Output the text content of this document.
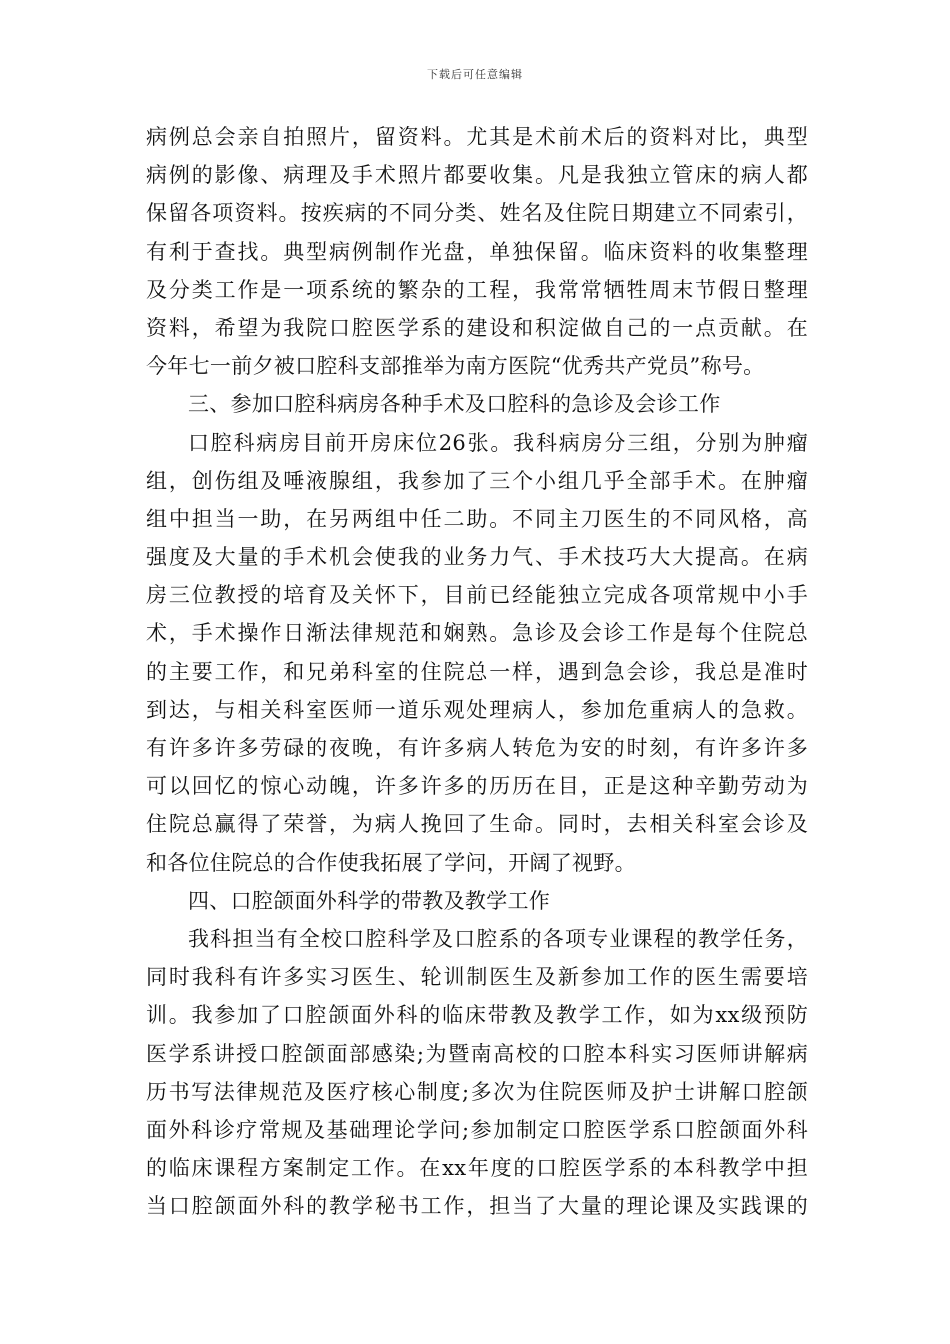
下载后可任意编辑
病例总会亲自拍照片，留资料。尤其是术前术后的资料对比，典型
病例的影像、病理及手术照片都要收集。凡是我独立管床的病人都
保留各项资料。按疾病的不同分类、姓名及住院日期建立不同索引，
有利于查找。典型病例制作光盘，单独保留。临床资料的收集整理
及分类工作是一项系统的繁杂的工程，我常常牺牲周末节假日整理
资料，希望为我院口腔医学系的建设和积淀做自己的一点贡献。在
今年七一前夕被口腔科支部推举为南方医院“优秀共产党员”称号。
三、参加口腔科病房各种手术及口腔科的急诊及会诊工作
口腔科病房目前开房床位26张。我科病房分三组，分别为肿瘤
组，创伤组及唾液腺组，我参加了三个小组几乎全部手术。在肿瘤
组中担当一助，在另两组中任二助。不同主刀医生的不同风格，高
强度及大量的手术机会使我的业务力气、手术技巧大大提高。在病
房三位教授的培育及关怀下，目前已经能独立完成各项常规中小手
术，手术操作日渐法律规范和娴熟。急诊及会诊工作是每个住院总
的主要工作，和兄弟科室的住院总一样，遇到急会诊，我总是准时
到达，与相关科室医师一道乐观处理病人，参加危重病人的急救。
有许多许多劳碌的夜晚，有许多病人转危为安的时刻，有许多许多
可以回忆的惊心动魄，许多许多的历历在目，正是这种辛勤劳动为
住院总赢得了荣誉，为病人挽回了生命。同时，去相关科室会诊及
和各位住院总的合作使我拓展了学问，开阔了视野。
四、口腔颌面外科学的带教及教学工作
我科担当有全校口腔科学及口腔系的各项专业课程的教学任务，
同时我科有许多实习医生、轮训制医生及新参加工作的医生需要培
训。我参加了口腔颌面外科的临床带教及教学工作，如为xx级预防
医学系讲授口腔颌面部感染;为暨南高校的口腔本科实习医师讲解病
历书写法律规范及医疗核心制度;多次为住院医师及护士讲解口腔颌
面外科诊疗常规及基础理论学问;参加制定口腔医学系口腔颌面外科
的临床课程方案制定工作。在xx年度的口腔医学系的本科教学中担
当口腔颌面外科的教学秘书工作，担当了大量的理论课及实践课的
